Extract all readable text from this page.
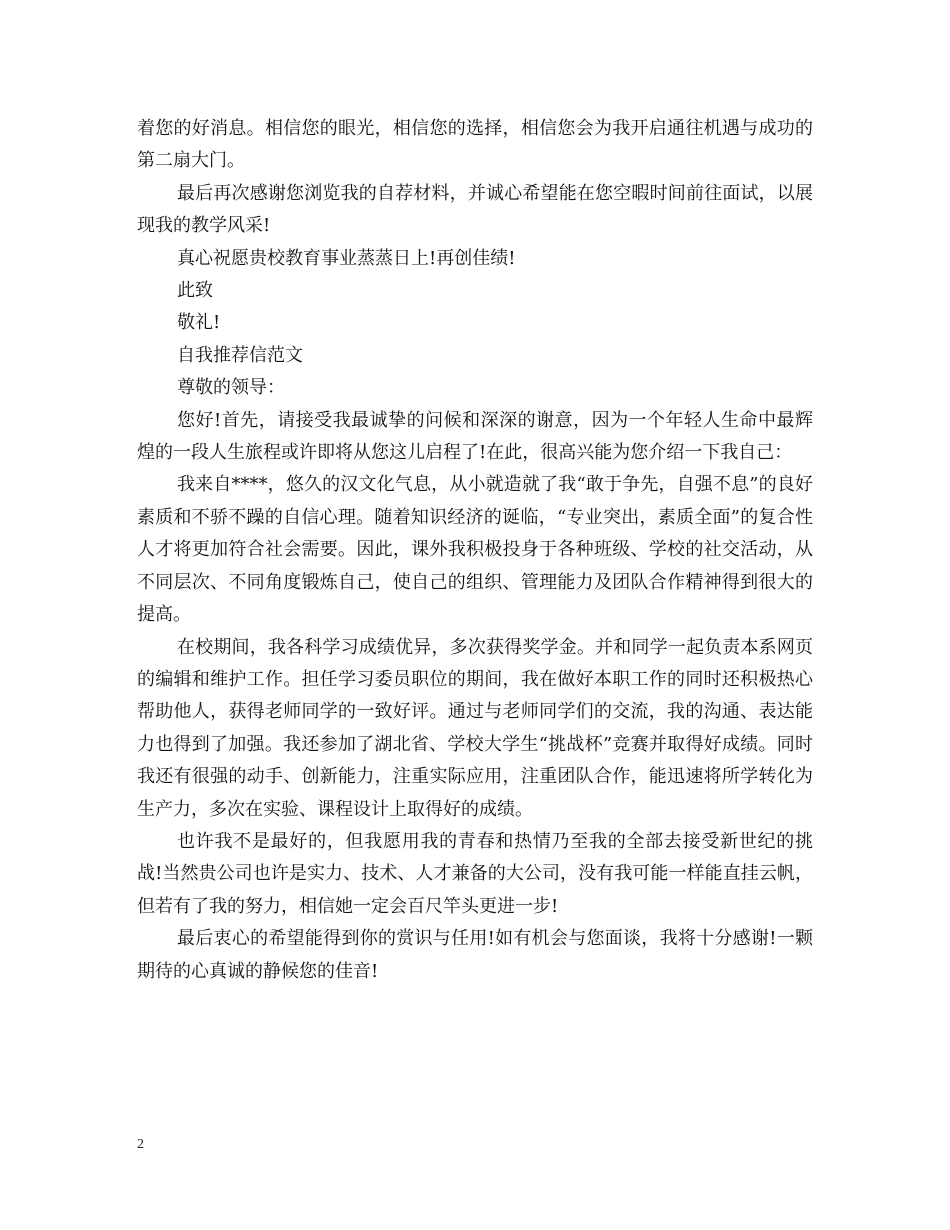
着您的好消息。相信您的眼光，相信您的选择，相信您会为我开启通往机遇与成功的第二扇大门。

最后再次感谢您浏览我的自荐材料，并诚心希望能在您空暇时间前往面试，以展现我的教学风采!

真心祝愿贵校教育事业蒸蒸日上!再创佳绩!

此致

敬礼!

自我推荐信范文

尊敬的领导：

您好!首先，请接受我最诚挚的问候和深深的谢意，因为一个年轻人生命中最辉煌的一段人生旅程或许即将从您这儿启程了!在此，很高兴能为您介绍一下我自己：

我来自****，悠久的汉文化气息，从小就造就了我“敢于争先，自强不息”的良好素质和不骄不躁的自信心理。随着知识经济的诞临，“专业突出，素质全面”的复合性人才将更加符合社会需要。因此，课外我积极投身于各种班级、学校的社交活动，从不同层次、不同角度锻炼自己，使自己的组织、管理能力及团队合作精神得到很大的提高。

在校期间，我各科学习成绩优异，多次获得奖学金。并和同学一起负责本系网页的编辑和维护工作。担任学习委员职位的期间，我在做好本职工作的同时还积极热心帮助他人，获得老师同学的一致好评。通过与老师同学们的交流，我的沟通、表达能力也得到了加强。我还参加了湖北省、学校大学生“挑战杯”竞赛并取得好成绩。同时我还有很强的动手、创新能力，注重实际应用，注重团队合作，能迅速将所学转化为生产力，多次在实验、课程设计上取得好的成绩。

也许我不是最好的，但我愿用我的青春和热情乃至我的全部去接受新世纪的挑战!当然贵公司也许是实力、技术、人才兼备的大公司，没有我可能一样能直挂云帆，但若有了我的努力，相信她一定会百尺竿头更进一步!

最后衷心的希望能得到你的赏识与任用!如有机会与您面谈，我将十分感谢!一颗期待的心真诚的静候您的佳音!

2
